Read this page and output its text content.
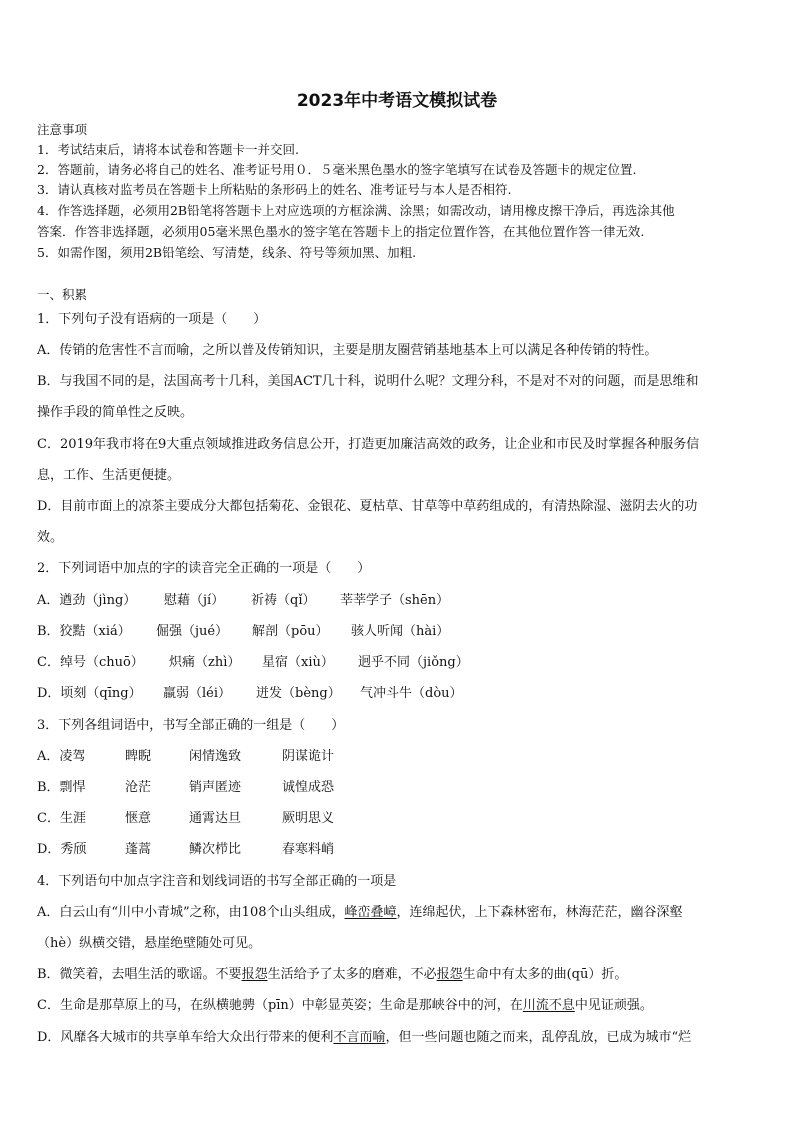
2023年中考语文模拟试卷
注意事项
1．考试结束后，请将本试卷和答题卡一并交回.
2．答题前，请务必将自己的姓名、准考证号用０．５毫米黑色墨水的签字笔填写在试卷及答题卡的规定位置.
3．请认真核对监考员在答题卡上所粘贴的条形码上的姓名、准考证号与本人是否相符.
4．作答选择题，必须用2B铅笔将答题卡上对应选项的方框涂满、涂黑；如需改动，请用橡皮擦干净后，再选涂其他
答案．作答非选择题，必须用05毫米黑色墨水的签字笔在答题卡上的指定位置作答，在其他位置作答一律无效.
5．如需作图，须用2B铅笔绘、写清楚，线条、符号等须加黑、加粗.
一、积累
1．下列句子没有语病的一项是（　　）
A．传销的危害性不言而喻，之所以普及传销知识，主要是朋友圈营销基地基本上可以满足各种传销的特性。
B．与我国不同的是，法国高考十几科，美国ACT几十科，说明什么呢？文理分科，不是对不对的问题，而是思维和
操作手段的简单性之反映。
C．2019年我市将在9大重点领域推进政务信息公开，打造更加廉洁高效的政务，让企业和市民及时掌握各种服务信
息，工作、生活更便捷。
D．目前市面上的凉茶主要成分大都包括菊花、金银花、夏枯草、甘草等中草药组成的，有清热除湿、滋阴去火的功
效。
2．下列词语中加点的字的读音完全正确的一项是（　　）
A．遒劲（jìng） 慰藉（jí） 祈祷（qǐ） 莘莘学子（shēn）
B．狡黠（xiá） 倔强（jué） 解剖（pōu） 骇人听闻（hài）
C．绰号（chuō） 炽痛（zhì） 星宿（xiù） 迥乎不同（jiǒng）
D．顷刻（qīng） 羸弱（léi） 迸发（bèng） 气冲斗牛（dòu）
3．下列各组词语中，书写全部正确的一组是（　　）
A．凌驾	睥睨	闲情逸致	阴谋诡计
B．剽悍	沧茫	销声匿迹	诚惶成恐
C．生涯	惬意	通霄达旦	厥明思义
D．秀颀	蓬蒿	鳞次栉比	春寒料峭
4．下列语句中加点字注音和划线词语的书写全部正确的一项是
A．白云山有“川中小青城”之称，由108个山头组成，峰峦叠嶂，连绵起伏，上下森林密布，林海茫茫，幽谷深壑
（hè）纵横交错，悬崖绝壁随处可见。
B．微笑着，去唱生活的歌谣。不要报怨生活给予了太多的磨难，不必报怨生命中有太多的曲(qū）折。
C．生命是那草原上的马，在纵横驰骋（pīn）中彰显英姿；生命是那峡谷中的河，在川流不息中见证顽强。
D．风靡各大城市的共享单车给大众出行带来的便利不言而喻，但一些问题也随之而来，乱停乱放，已成为城市“烂
